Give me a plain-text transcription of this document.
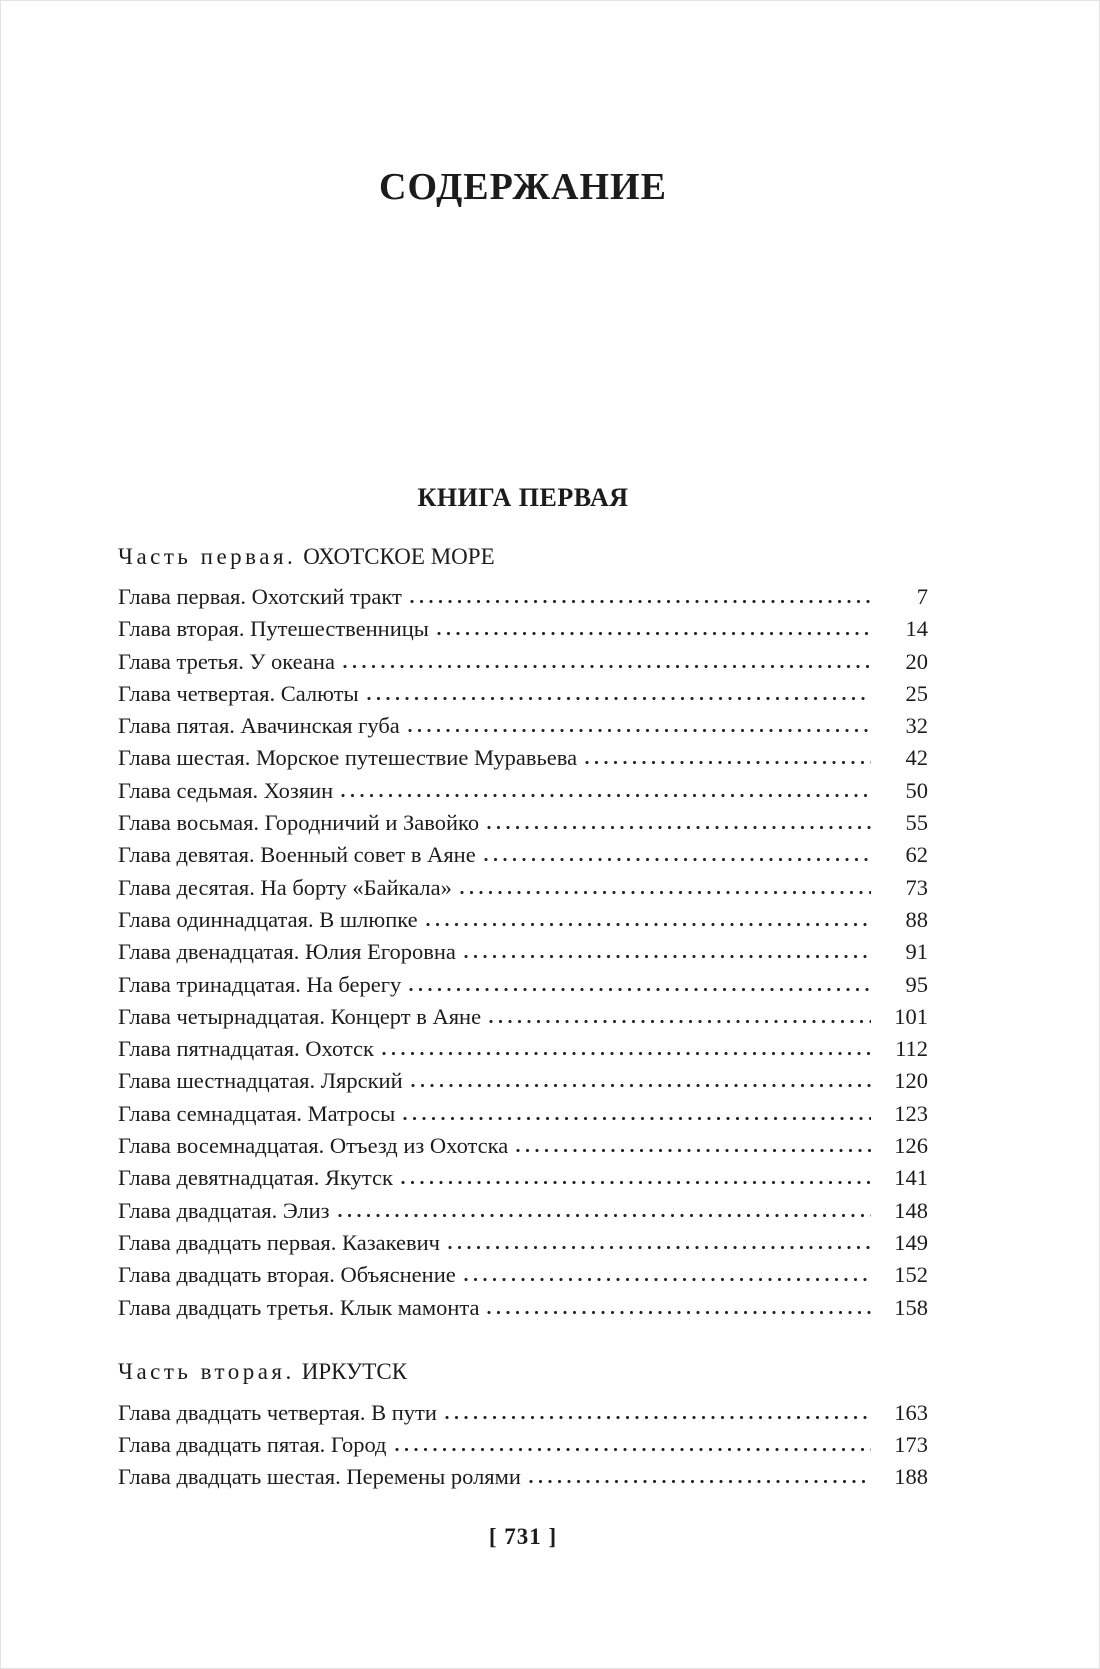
СОДЕРЖАНИЕ
КНИГА ПЕРВАЯ
Часть первая. ОХОТСКОЕ МОРЕ
Глава первая. Охотский тракт	7
Глава вторая. Путешественницы	14
Глава третья. У океана	20
Глава четвертая. Салюты	25
Глава пятая. Авачинская губа	32
Глава шестая. Морское путешествие Муравьева	42
Глава седьмая. Хозяин	50
Глава восьмая. Городничий и Завойко	55
Глава девятая. Военный совет в Аяне	62
Глава десятая. На борту «Байкала»	73
Глава одиннадцатая. В шлюпке	88
Глава двенадцатая. Юлия Егоровна	91
Глава тринадцатая. На берегу	95
Глава четырнадцатая. Концерт в Аяне	101
Глава пятнадцатая. Охотск	112
Глава шестнадцатая. Лярский	120
Глава семнадцатая. Матросы	123
Глава восемнадцатая. Отъезд из Охотска	126
Глава девятнадцатая. Якутск	141
Глава двадцатая. Элиз	148
Глава двадцать первая. Казакевич	149
Глава двадцать вторая. Объяснение	152
Глава двадцать третья. Клык мамонта	158
Часть вторая. ИРКУТСК
Глава двадцать четвертая. В пути	163
Глава двадцать пятая. Город	173
Глава двадцать шестая. Перемены ролями	188
[ 731 ]
